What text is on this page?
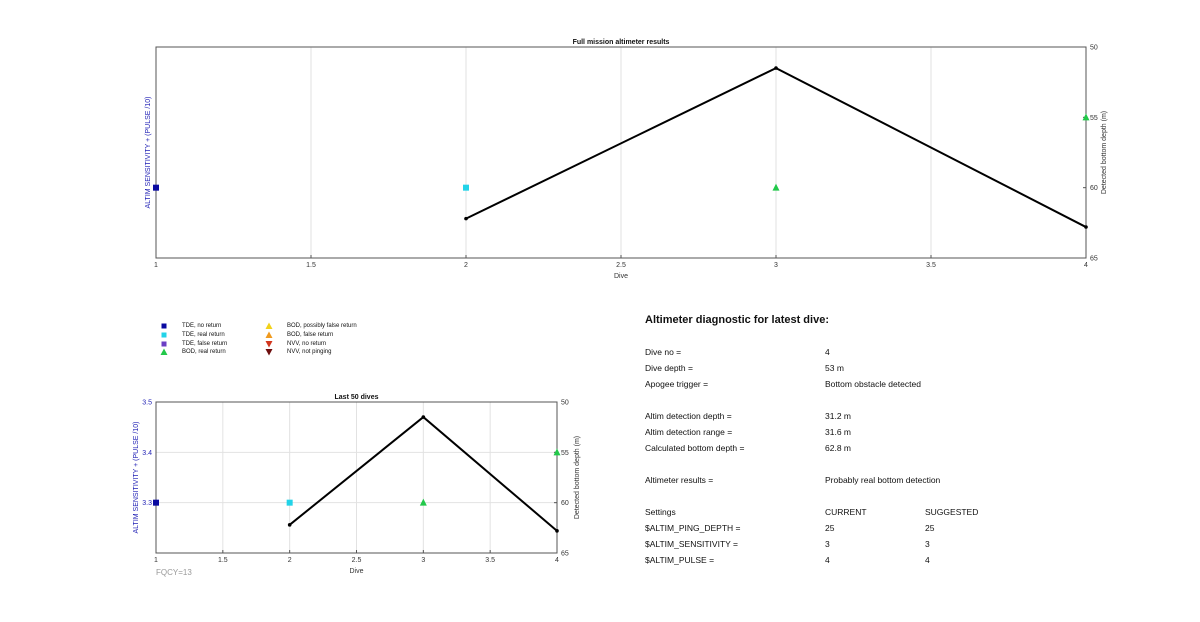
1	1.5	2	2.5	3	3.5	4
50
55
60
65
Full mission altimeter results
Dive
ALTIM SENSITIVITY + (PULSE /10)	Detected bottom depth (m)
1	1.5	2	2.5	3	3.5	4
3.5
3.4
3.3
50
55
60
65
Last 50 dives
Dive
ALTIM SENSITIVITY + (PULSE /10)	Detected bottom depth (m)
FQCY=13
TDE, no return
TDE, real return
TDE, false return
BOD, real return
BOD, possibly false return
BOD, false return
NVV, no return
NVV, not pinging
Altimeter diagnostic for latest dive:
Dive no =	4
Dive depth =	53 m
Apogee trigger =	Bottom obstacle detected
Altim detection depth =	31.2 m
Altim detection range =	31.6 m
Calculated bottom depth =	62.8 m
Altimeter results =	Probably real bottom detection
Settings	CURRENT	SUGGESTED
$ALTIM_PING_DEPTH =	25	25
$ALTIM_SENSITIVITY =	3	3
$ALTIM_PULSE =	4	4
